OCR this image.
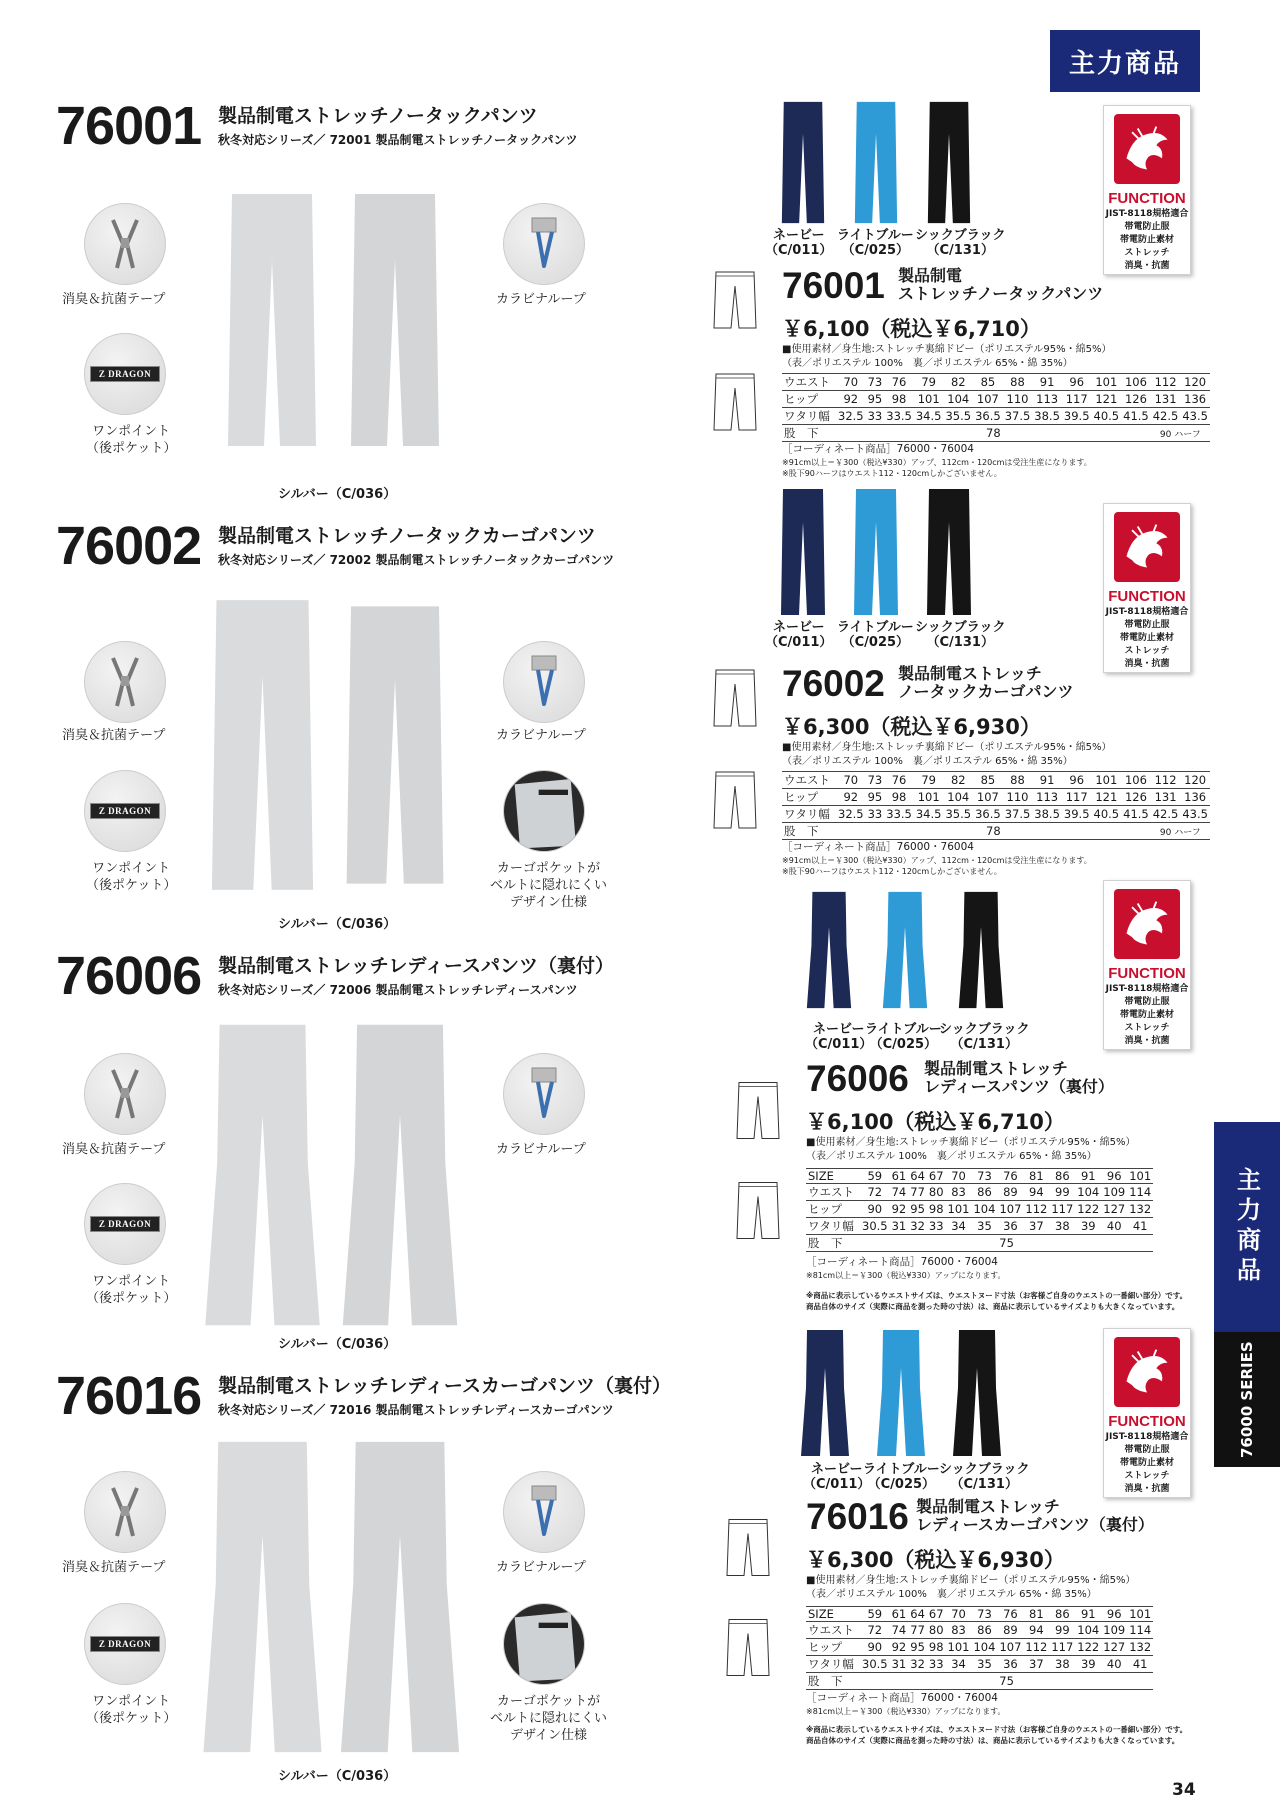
主力商品
主力商品
76000 SERIES
34
76001 製品制電ストレッチノータックパンツ
秋冬対応シリーズ／ 72001 製品制電ストレッチノータックパンツ
消臭＆抗菌テープ
Z DRAGON
ワンポイント
（後ポケット）
カラビナループ
シルバー（C/036）
76002 製品制電ストレッチノータックカーゴパンツ
秋冬対応シリーズ／ 72002 製品制電ストレッチノータックカーゴパンツ
消臭＆抗菌テープ
Z DRAGON
ワンポイント
（後ポケット）
カラビナループ
カーゴポケットが
ベルトに隠れにくい
デザイン仕様
シルバー（C/036）
76006 製品制電ストレッチレディースパンツ（裏付）
秋冬対応シリーズ／ 72006 製品制電ストレッチレディースパンツ
消臭＆抗菌テープ
Z DRAGON
ワンポイント
（後ポケット）
カラビナループ
シルバー（C/036）
76016 製品制電ストレッチレディースカーゴパンツ（裏付）
秋冬対応シリーズ／ 72016 製品制電ストレッチレディースカーゴパンツ
消臭＆抗菌テープ
Z DRAGON
ワンポイント
（後ポケット）
カラビナループ
カーゴポケットが
ベルトに隠れにくい
デザイン仕様
シルバー（C/036）
ネービー
（C/011）
ライトブルー
（C/025）
シックブラック
（C/131）
FUNCTION
JIST-8118規格適合
帯電防止服
帯電防止素材
ストレッチ
消臭・抗菌
76001 製品制電
ストレッチノータックパンツ
￥6,100（税込￥6,710）
■使用素材／身生地:ストレッチ裏綿ドビー（ポリエステル95%・綿5%）
（表／ポリエステル 100%　裏／ポリエステル 65%・綿 35%）
ウエスト	70	73	76	79	82	85	88	91	96	101	106	112	120
ヒップ	92	95	98	101	104	107	110	113	117	121	126	131	136
ワタリ幅	32.5	33	33.5	34.5	35.5	36.5	37.5	38.5	39.5	40.5	41.5	42.5	43.5
股　下	78											90 ハーフ	
［コーディネート商品］76000・76004
※91cm以上＝￥300（税込¥330）アップ、112cm・120cmは受注生産になります。
※股下90ハーフはウエスト112・120cmしかございません。
ネービー
（C/011）
ライトブルー
（C/025）
シックブラック
（C/131）
FUNCTION
JIST-8118規格適合
帯電防止服
帯電防止素材
ストレッチ
消臭・抗菌
76002 製品制電ストレッチ
ノータックカーゴパンツ
￥6,300（税込￥6,930）
■使用素材／身生地:ストレッチ裏綿ドビー（ポリエステル95%・綿5%）
（表／ポリエステル 100%　裏／ポリエステル 65%・綿 35%）
ウエスト	70	73	76	79	82	85	88	91	96	101	106	112	120
ヒップ	92	95	98	101	104	107	110	113	117	121	126	131	136
ワタリ幅	32.5	33	33.5	34.5	35.5	36.5	37.5	38.5	39.5	40.5	41.5	42.5	43.5
股　下	78											90 ハーフ	
［コーディネート商品］76000・76004
※91cm以上＝￥300（税込¥330）アップ、112cm・120cmは受注生産になります。
※股下90ハーフはウエスト112・120cmしかございません。
ネービー
（C/011）
ライトブルー
（C/025）
シックブラック
（C/131）
FUNCTION
JIST-8118規格適合
帯電防止服
帯電防止素材
ストレッチ
消臭・抗菌
76006 製品制電ストレッチ
レディースパンツ（裏付）
￥6,100（税込￥6,710）
■使用素材／身生地:ストレッチ裏綿ドビー（ポリエステル95%・綿5%）
（表／ポリエステル 100%　裏／ポリエステル 65%・綿 35%）
SIZE	59	61	64	67	70	73	76	81	86	91	96	101
ウエスト	72	74	77	80	83	86	89	94	99	104	109	114
ヒップ	90	92	95	98	101	104	107	112	117	122	127	132
ワタリ幅	30.5	31	32	33	34	35	36	37	38	39	40	41
股　下	75											
［コーディネート商品］76000・76004
※81cm以上＝￥300（税込¥330）アップになります。
※商品に表示しているウエストサイズは、ウエストヌード寸法（お客様ご自身のウエストの一番細い部分）です。
商品自体のサイズ（実際に商品を測った時の寸法）は、商品に表示しているサイズよりも大きくなっています。
ネービー
（C/011）
ライトブルー
（C/025）
シックブラック
（C/131）
FUNCTION
JIST-8118規格適合
帯電防止服
帯電防止素材
ストレッチ
消臭・抗菌
76016 製品制電ストレッチ
レディースカーゴパンツ（裏付）
￥6,300（税込￥6,930）
■使用素材／身生地:ストレッチ裏綿ドビー（ポリエステル95%・綿5%）
（表／ポリエステル 100%　裏／ポリエステル 65%・綿 35%）
SIZE	59	61	64	67	70	73	76	81	86	91	96	101
ウエスト	72	74	77	80	83	86	89	94	99	104	109	114
ヒップ	90	92	95	98	101	104	107	112	117	122	127	132
ワタリ幅	30.5	31	32	33	34	35	36	37	38	39	40	41
股　下	75											
［コーディネート商品］76000・76004
※81cm以上＝￥300（税込¥330）アップになります。
※商品に表示しているウエストサイズは、ウエストヌード寸法（お客様ご自身のウエストの一番細い部分）です。
商品自体のサイズ（実際に商品を測った時の寸法）は、商品に表示しているサイズよりも大きくなっています。
